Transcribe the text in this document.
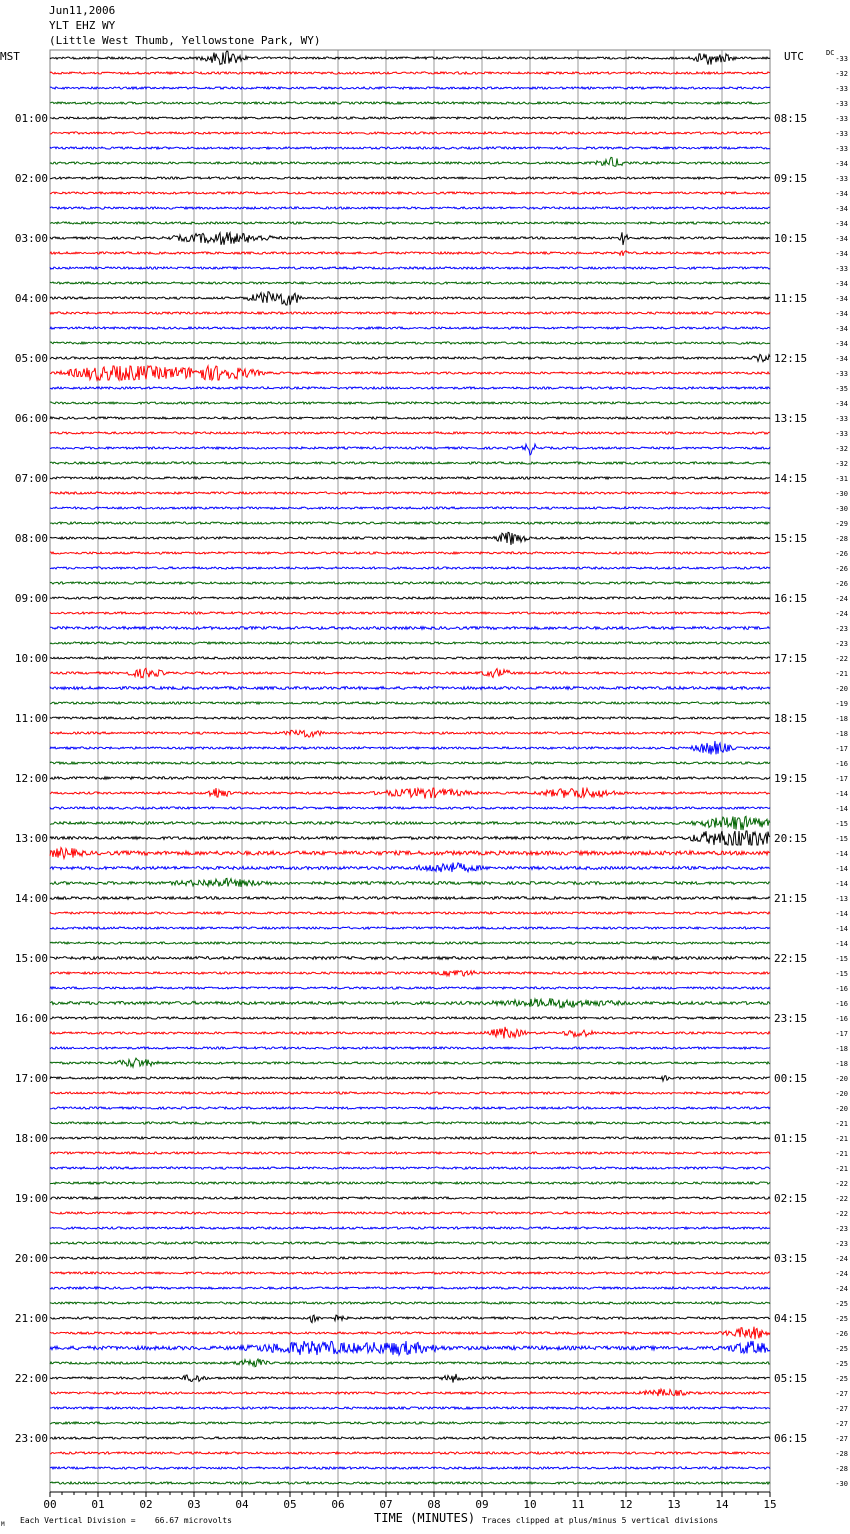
Jun11,2006
YLT EHZ WY
(Little West Thumb, Yellowstone Park, WY)
MST	UTC	DC
00	01	02	03	04	05	06	07	08	09	10	11	12	13	14	15
-33
-32
-33
-33
-33
-33
-33
-34
-33
-34
-34
-34
-34
-34
-33
-34
-34
-34
-34
-34
-34
-33
-35
-34
-33
-33
-32
-32
-31
-30
-30
-29
-28
-26
-26
-26
-24
-24
-23
-23
-22
-21
-20
-19
-18
-18
-17
-16
-17
-14
-14
-15
-15
-14
-14
-14
-13
-14
-14
-14
-15
-15
-16
-16
-16
-17
-18
-18
-20
-20
-20
-21
-21
-21
-21
-22
-22
-22
-23
-23
-24
-24
-24
-25
-25
-26
-25
-25
-25
-27
-27
-27
-27
-28
-28
-30
01:00
02:00
03:00
04:00
05:00
06:00
07:00
08:00
09:00
10:00
11:00
12:00
13:00
14:00
15:00
16:00
17:00
18:00
19:00
20:00
21:00
22:00
23:00
08:15
09:15
10:15
11:15
12:15
13:15
14:15
15:15
16:15
17:15
18:15
19:15
20:15
21:15
22:15
23:15
00:15
01:15
02:15
03:15
04:15
05:15
06:15
M Each Vertical Division =    66.67 microvolts	TIME (MINUTES) Traces clipped at plus/minus 5 vertical divisions
